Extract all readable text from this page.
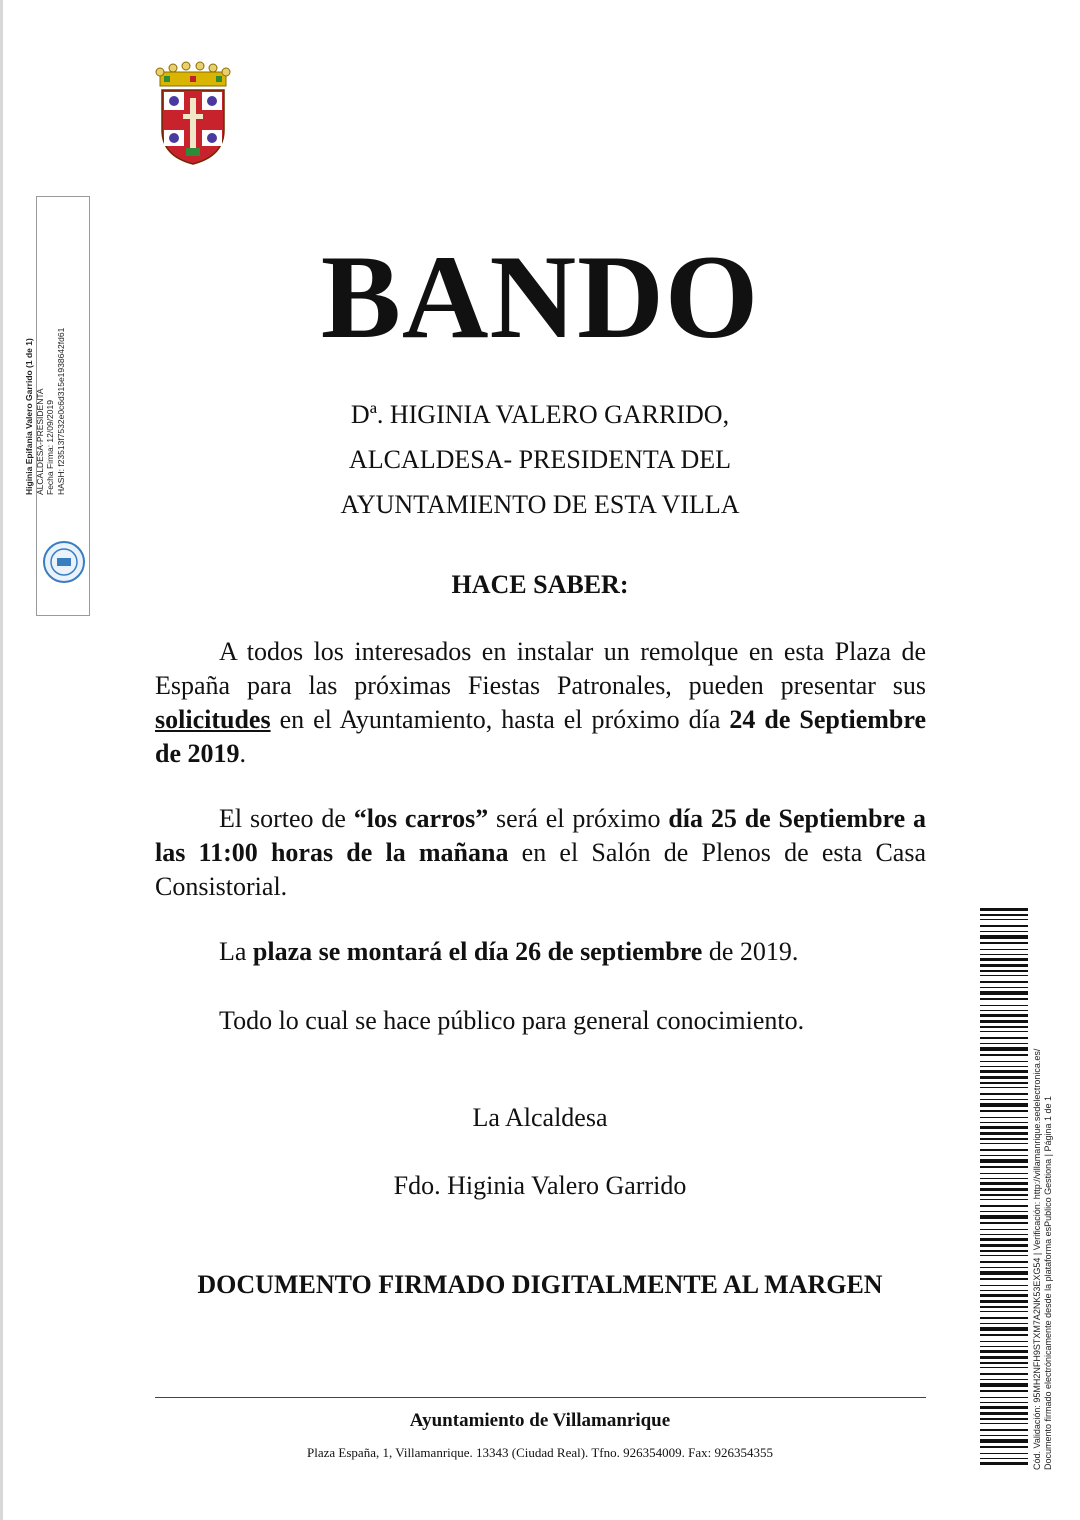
Higinia Epifania Valero Garrido (1 de 1) ALCALDESA-PRESIDENTA Fecha Firma: 12/09/2019 HASH: f23513f7532e0c6d315e1938642fd61
BANDO
Dª. HIGINIA VALERO GARRIDO,
ALCALDESA- PRESIDENTA DEL
AYUNTAMIENTO DE ESTA VILLA
HACE SABER:

A todos los interesados en instalar un remolque en esta Plaza de España para las próximas Fiestas Patronales, pueden presentar sus solicitudes en el Ayuntamiento, hasta el próximo día 24 de Septiembre de 2019.

El sorteo de “los carros” será el próximo día 25 de Septiembre a las 11:00 horas de la mañana en el Salón de Plenos de esta Casa Consistorial.

La plaza se montará el día 26 de septiembre de 2019.

Todo lo cual se hace público para general conocimiento.

La Alcaldesa
Fdo. Higinia Valero Garrido
DOCUMENTO FIRMADO DIGITALMENTE AL MARGEN
Ayuntamiento de Villamanrique
Plaza España, 1, Villamanrique. 13343 (Ciudad Real). Tfno. 926354009. Fax: 926354355	Cód. Validación: 95MH2NFH9STXM7A2NK53EXG54 | Verificación: http://villamanrique.sedelectronica.es/ Documento firmado electrónicamente desde la plataforma esPublico Gestiona | Página 1 de 1
